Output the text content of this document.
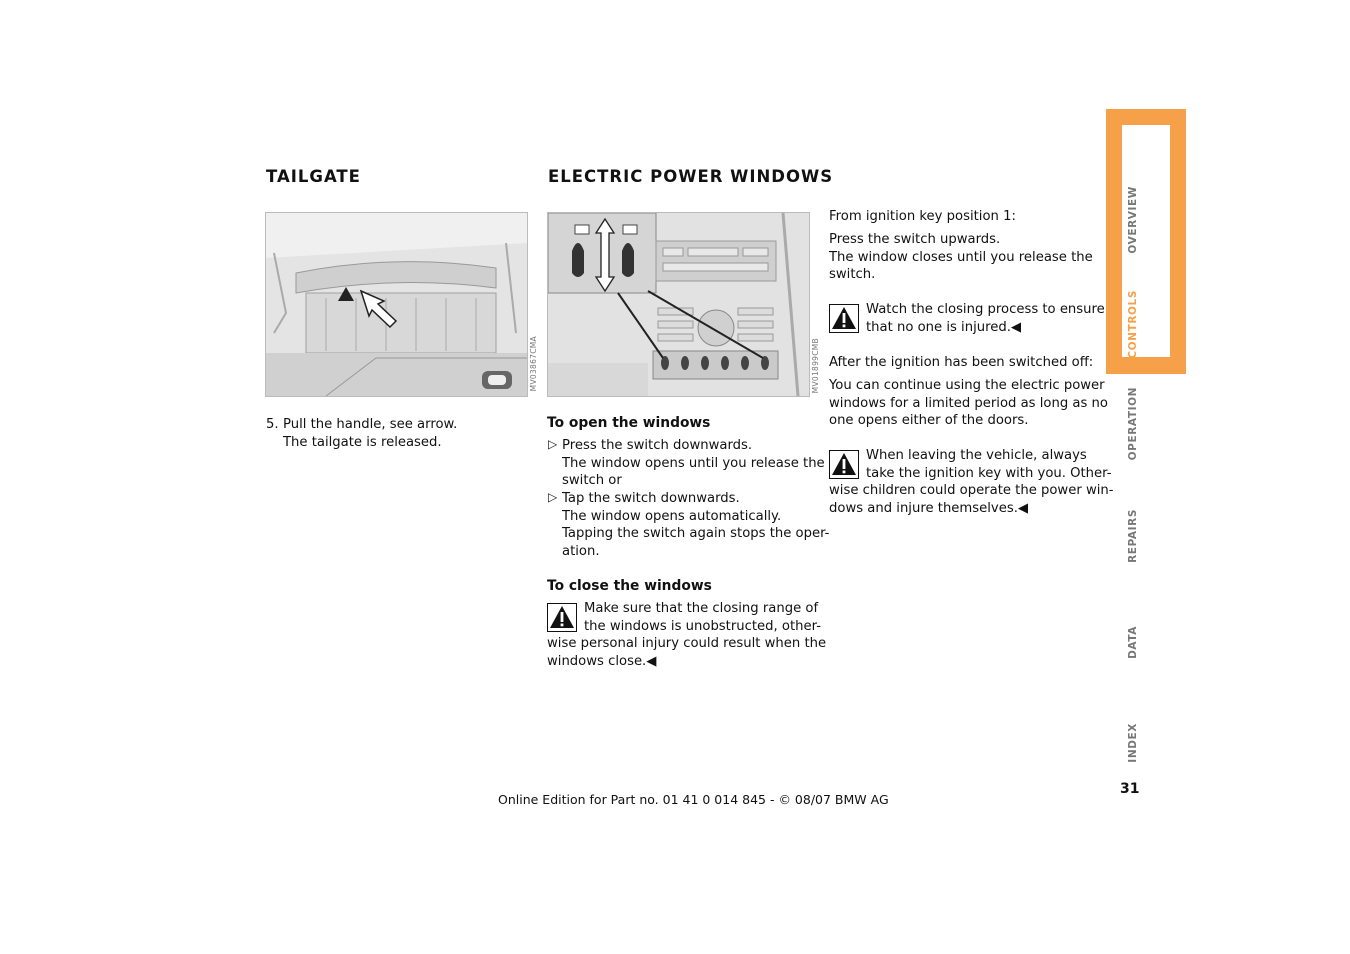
TAILGATE
MV03867CMA
5. Pull the handle, see arrow.
The tailgate is released.
ELECTRIC POWER WINDOWS
MV01899CMB
To open the windows
▷ Press the switch downwards.
The window opens until you release the
switch or
▷ Tap the switch downwards.
The window opens automatically.
Tapping the switch again stops the oper-
ation.
To close the windows
Make sure that the closing range of
the windows is unobstructed, other-
wise personal injury could result when the
windows close.◀
From ignition key position 1:
Press the switch upwards.
The window closes until you release the
switch.
Watch the closing process to ensure
that no one is injured.◀
After the ignition has been switched off:
You can continue using the electric power
windows for a limited period as long as no
one opens either of the doors.
When leaving the vehicle, always
take the ignition key with you. Other-
wise children could operate the power win-
dows and injure themselves.◀
OVERVIEW
CONTROLS
OPERATION
REPAIRS
DATA
INDEX
31
Online Edition for Part no. 01 41 0 014 845 - © 08/07 BMW AG
